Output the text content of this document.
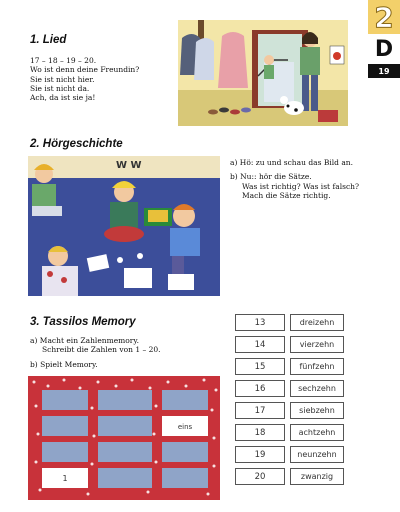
2
D
19
1. Lied
17 – 18 – 19 – 20.
Wo ist denn deine Freundin?
Sie ist nicht hier.
Sie ist nicht da.
Ach, da ist sie ja!
2. Hörgeschichte
W W	a) Hö: zu und schau das Bild an.
b) Nu:: hör die Sätze.
Was ist richtig? Was ist falsch?
Mach die Sätze richtig.
3. Tassilos Memory
a) Macht ein Zahlenmemory.
Schreibt die Zahlen von 1 – 20.
b) Spielt Memory.
eins
1
13	dreizehn
14	vierzehn
15	fünfzehn
16	sechzehn
17	siebzehn
18	achtzehn
19	neunzehn
20	zwanzig
